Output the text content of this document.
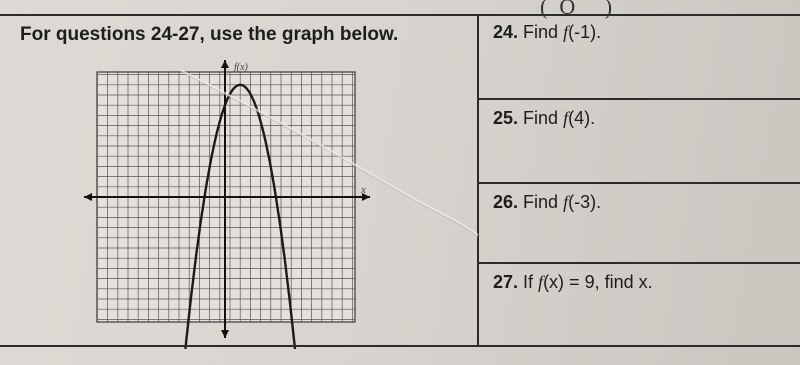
(O )
For questions 24-27, use the graph below.
f(x)
x
24. Find f(-1).
25. Find f(4).
26. Find f(-3).
27. If f(x) = 9, find x.
